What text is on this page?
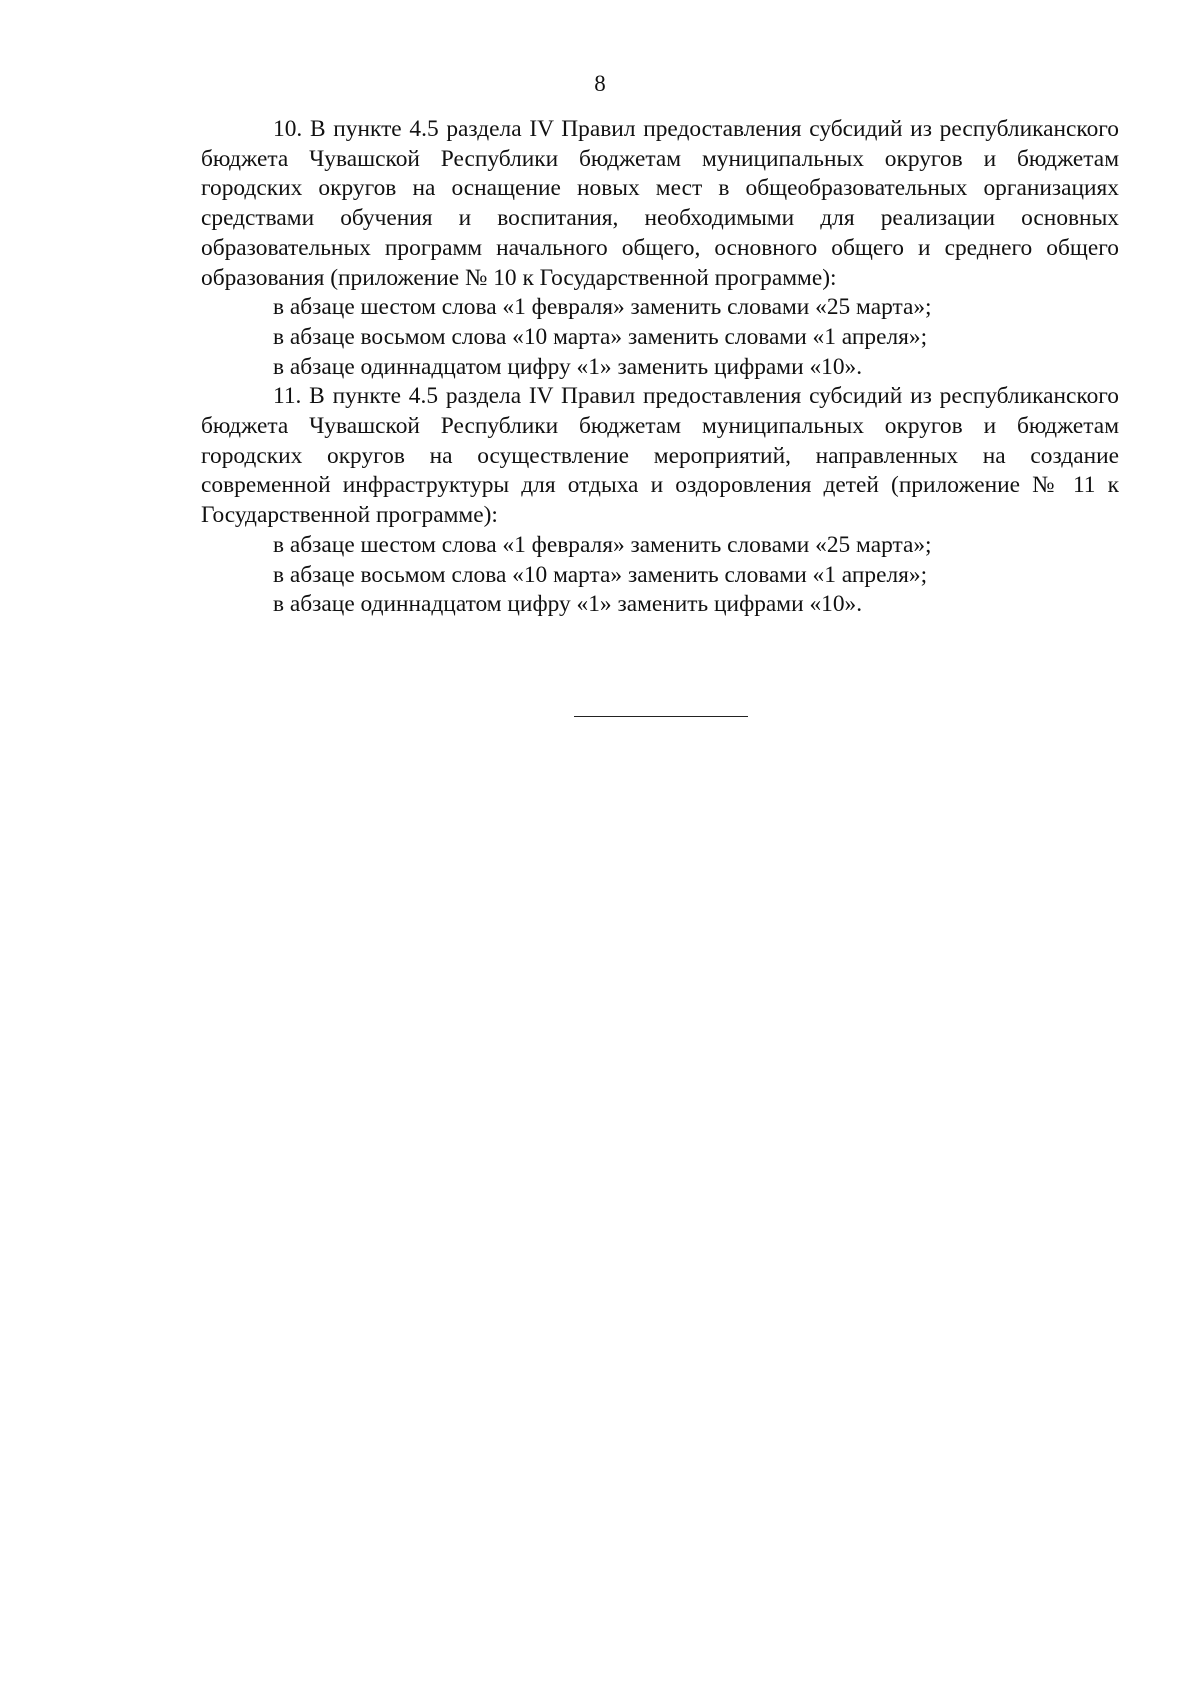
8

10. В пункте 4.5 раздела IV Правил предоставления субсидий из республиканского бюджета Чувашской Республики бюджетам муниципальных округов и бюджетам городских округов на оснащение новых мест в общеобразовательных организациях средствами обучения и воспитания, необходимыми для реализации основных образовательных программ начального общего, основного общего и среднего общего образования (приложение № 10 к Государственной программе):

в абзаце шестом слова «1 февраля» заменить словами «25 марта»;

в абзаце восьмом слова «10 марта» заменить словами «1 апреля»;

в абзаце одиннадцатом цифру «1» заменить цифрами «10».

11. В пункте 4.5 раздела IV Правил предоставления субсидий из республиканского бюджета Чувашской Республики бюджетам муниципальных округов и бюджетам городских округов на осуществление мероприятий, направленных на создание современной инфраструктуры для отдыха и оздоровления детей (приложение № 11 к Государственной программе):

в абзаце шестом слова «1 февраля» заменить словами «25 марта»;

в абзаце восьмом слова «10 марта» заменить словами «1 апреля»;

в абзаце одиннадцатом цифру «1» заменить цифрами «10».
